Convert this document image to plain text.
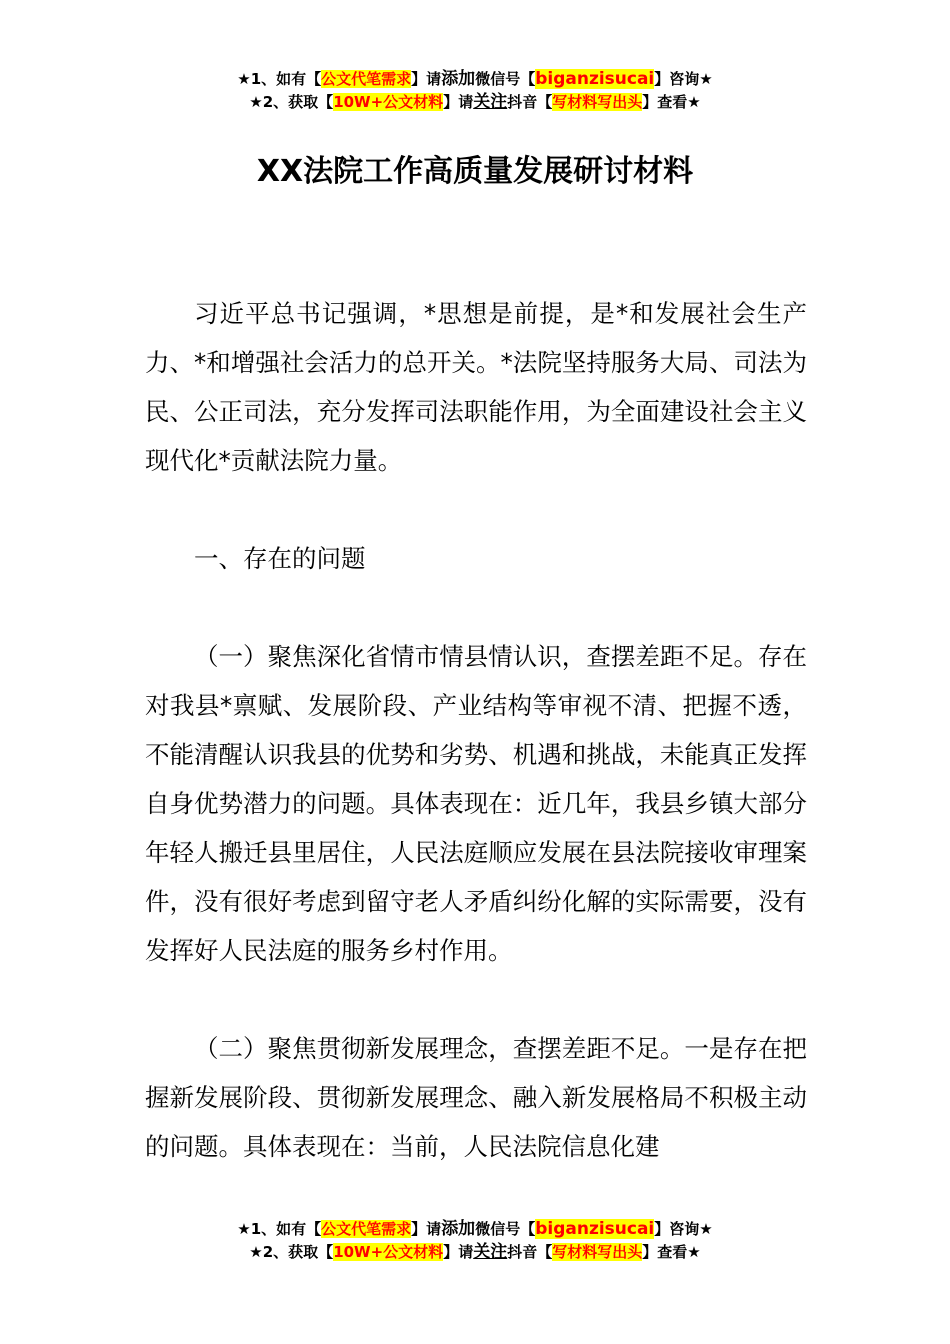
★1、如有【公文代笔需求】请添加微信号【biganzisucai】咨询★
★2、获取【10W+公文材料】请关注抖音【写材料写出头】查看★
XX法院工作高质量发展研讨材料

习近平总书记强调，*思想是前提，是*和发展社会生产力、*和增强社会活力的总开关。*法院坚持服务大局、司法为民、公正司法，充分发挥司法职能作用，为全面建设社会主义现代化*贡献法院力量。

一、存在的问题

（一）聚焦深化省情市情县情认识，查摆差距不足。存在对我县*禀赋、发展阶段、产业结构等审视不清、把握不透，不能清醒认识我县的优势和劣势、机遇和挑战，未能真正发挥自身优势潜力的问题。具体表现在：近几年，我县乡镇大部分年轻人搬迁县里居住，人民法庭顺应发展在县法院接收审理案件，没有很好考虑到留守老人矛盾纠纷化解的实际需要，没有发挥好人民法庭的服务乡村作用。

（二）聚焦贯彻新发展理念，查摆差距不足。一是存在把握新发展阶段、贯彻新发展理念、融入新发展格局不积极主动的问题。具体表现在：当前，人民法院信息化建

★1、如有【公文代笔需求】请添加微信号【biganzisucai】咨询★
★2、获取【10W+公文材料】请关注抖音【写材料写出头】查看★
